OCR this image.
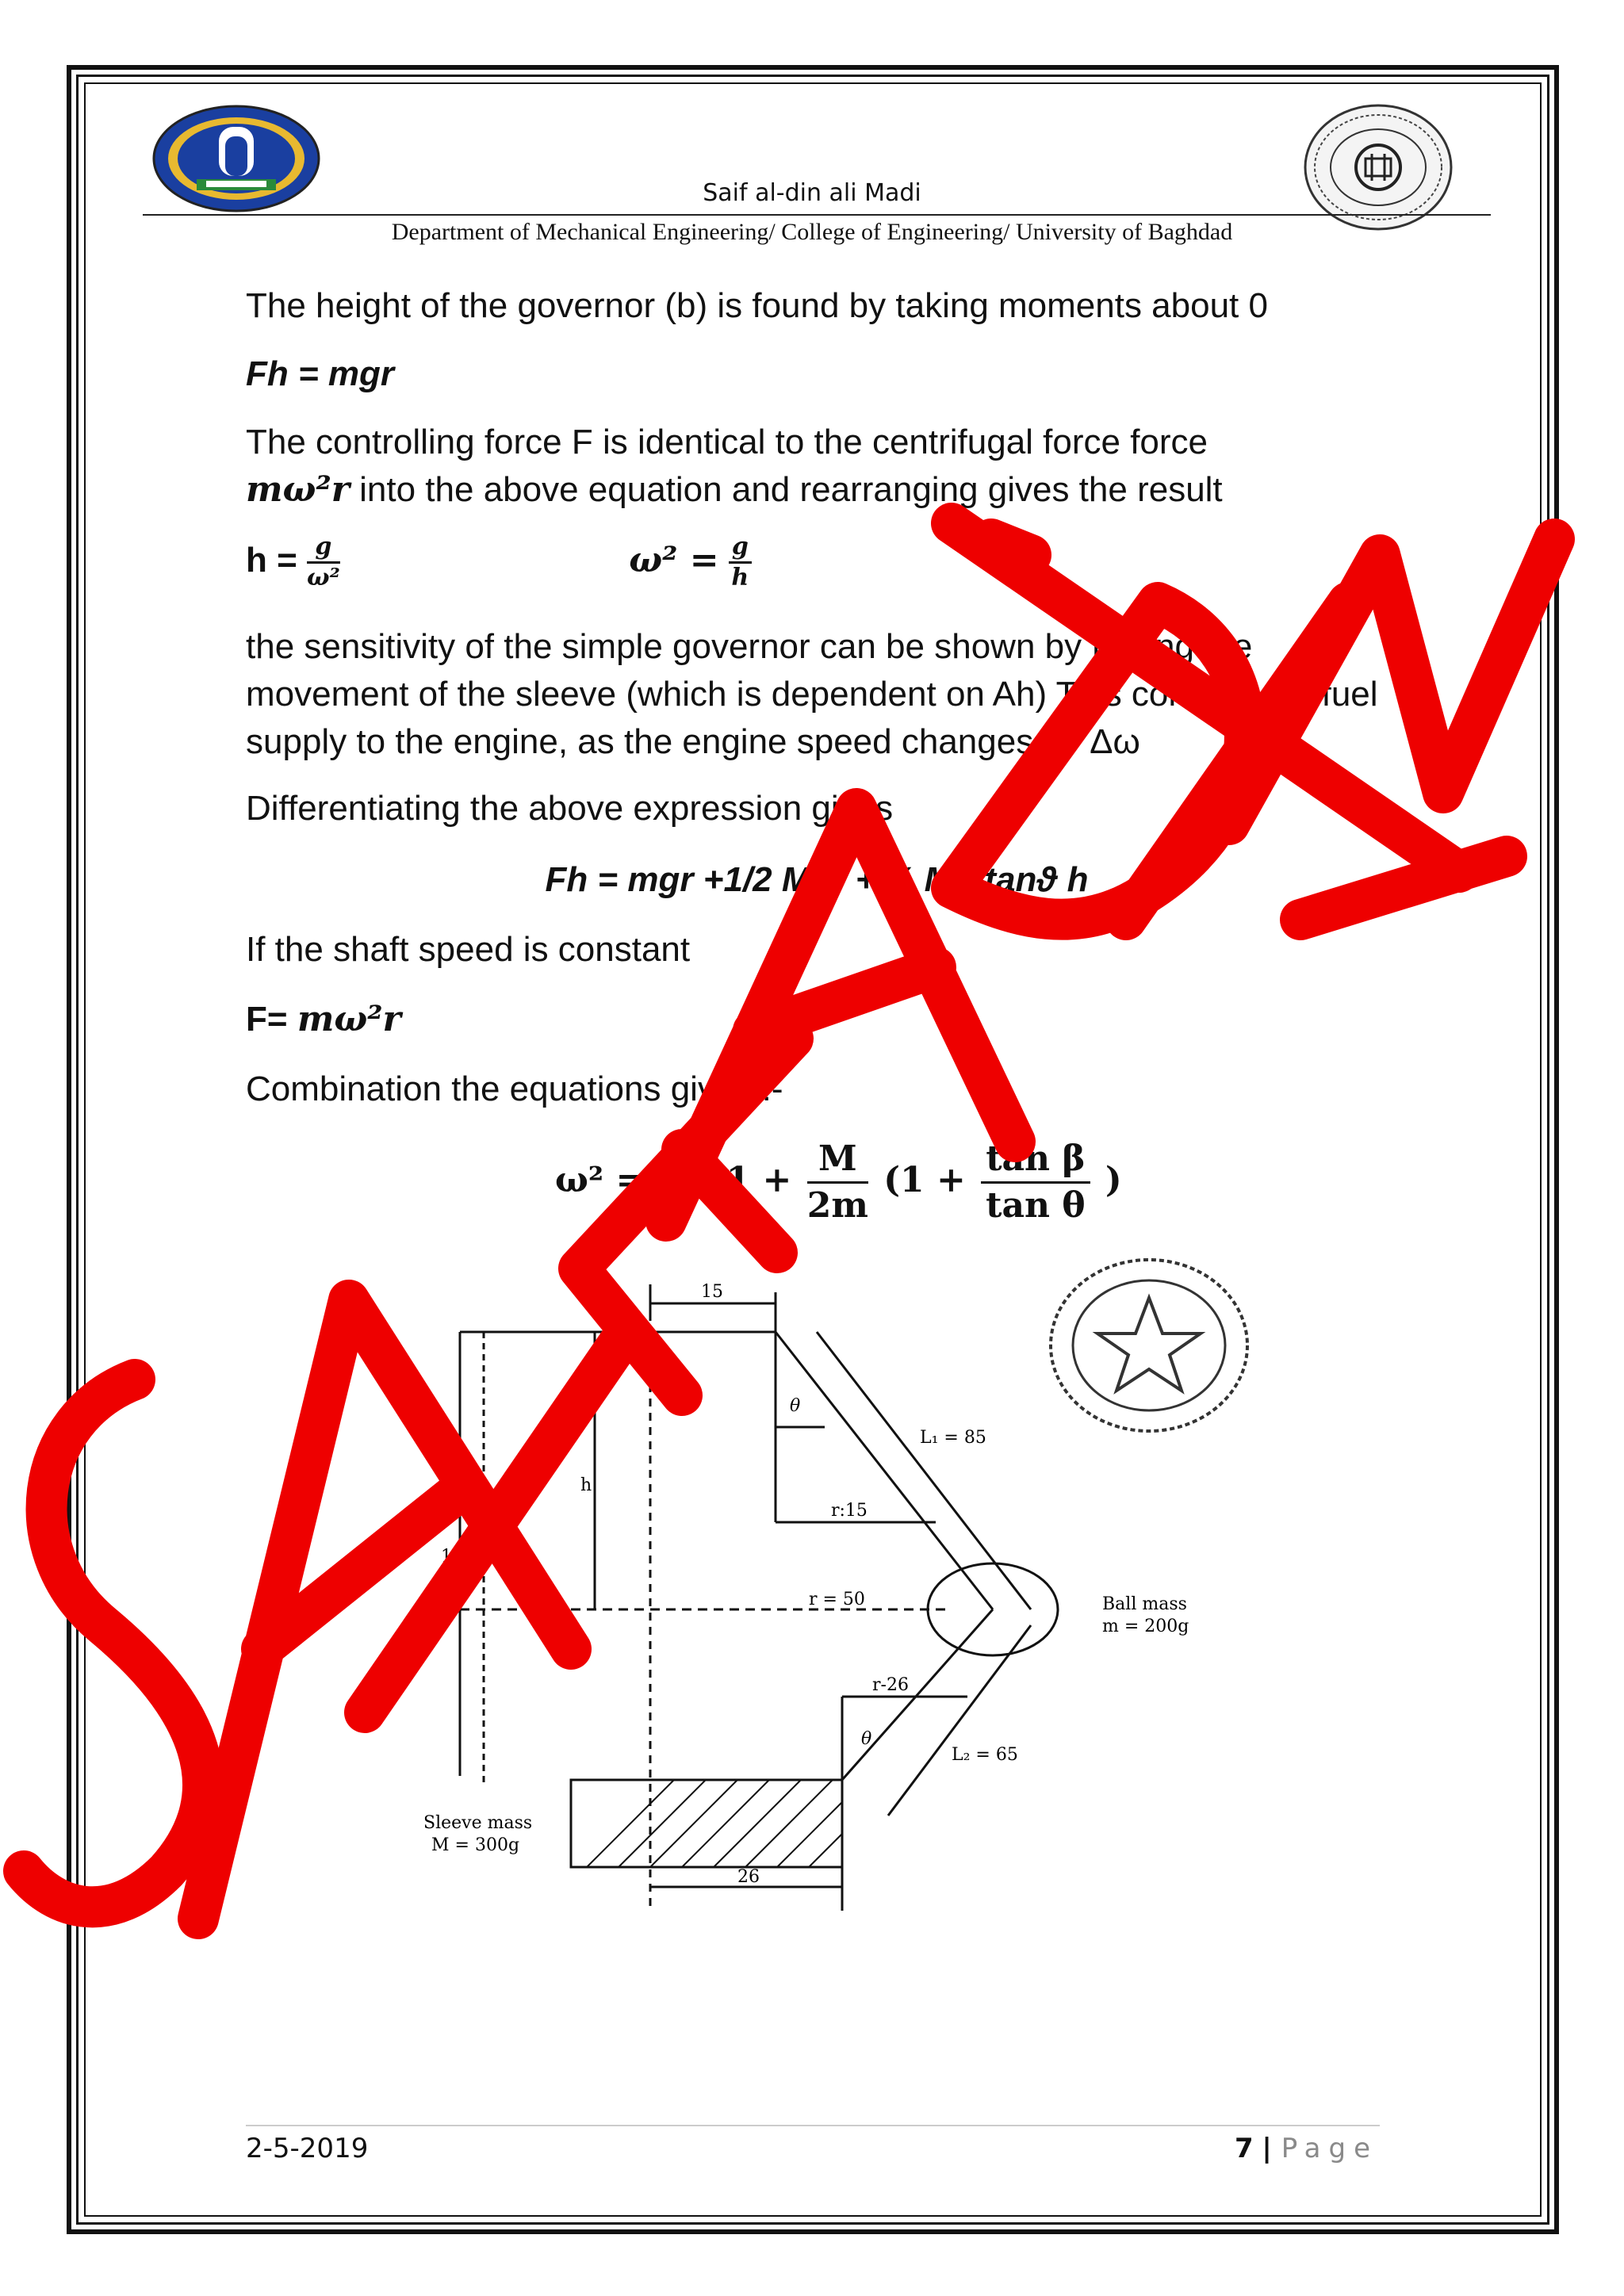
Saif al-din ali Madi
Department of Mechanical Engineering/ College of Engineering/ University of Baghdad
The height of the governor (b) is found by taking moments about 0
Fh = mgr
The controlling force F is identical to the centrifugal force force
mω²r into the above equation and rearranging gives the result
$h = \frac{g}{\text{ω²}}$	$\omega^2 = \frac{g}{h}$
the sensitivity of the simple governor can be shown by finding the movement of the sleeve (which is dependent on Ah) This controls the fuel supply to the engine, as the engine speed changes by Δω
Differentiating the above expression gives
Fh = mgr +1/2 Mgr + ½ Mg tanϑ h
If the shaft speed is constant
F= mω²r
Combination the equations gives :-
$\omega^2 = \frac{g}{h} [1 + \frac{M}{2m} (1 + \frac{\text{tan β}}{\text{tan θ}}$ )
15
θ
L₁ = 85
r:15
h
138
r = 50	Ball mass
m = 200g
r-26
θ
L₂ = 65
Sleeve mass
M = 300g
26
2-5-2019	7 | Page
